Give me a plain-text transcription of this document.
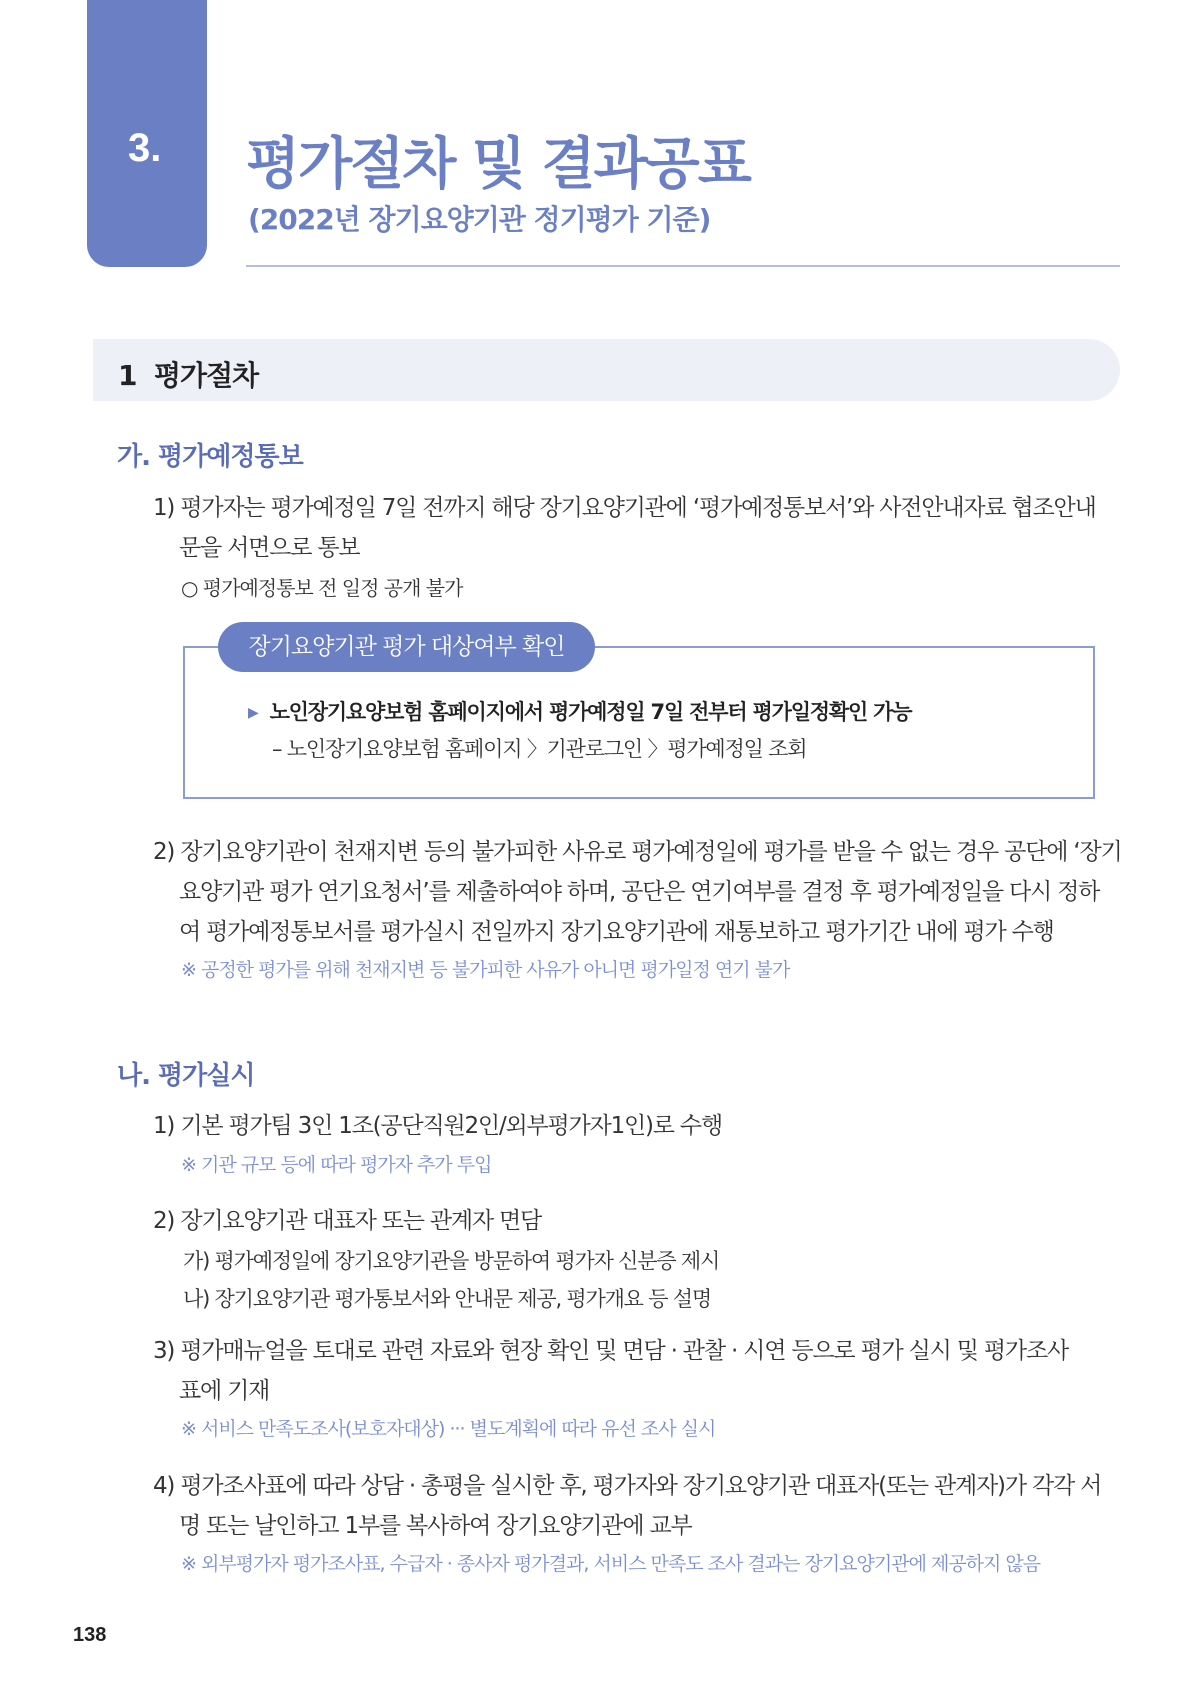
3. 평가절차 및 결과공표
(2022년 장기요양기관 정기평가 기준)
1 평가절차
가. 평가예정통보
1) 평가자는 평가예정일 7일 전까지 해당 장기요양기관에 ‘평가예정통보서’와 사전안내자료 협조안내
문을 서면으로 통보
○ 평가예정통보 전 일정 공개 불가
장기요양기관 평가 대상여부 확인
▶ 노인장기요양보험 홈페이지에서 평가예정일 7일 전부터 평가일정확인 가능
– 노인장기요양보험 홈페이지 〉기관로그인 〉평가예정일 조회
2) 장기요양기관이 천재지변 등의 불가피한 사유로 평가예정일에 평가를 받을 수 없는 경우 공단에 ‘장기
요양기관 평가 연기요청서’를 제출하여야 하며, 공단은 연기여부를 결정 후 평가예정일을 다시 정하
여 평가예정통보서를 평가실시 전일까지 장기요양기관에 재통보하고 평가기간 내에 평가 수행
※ 공정한 평가를 위해 천재지변 등 불가피한 사유가 아니면 평가일정 연기 불가
나. 평가실시
1) 기본 평가팀 3인 1조(공단직원2인/외부평가자1인)로 수행
※ 기관 규모 등에 따라 평가자 추가 투입
2) 장기요양기관 대표자 또는 관계자 면담
가) 평가예정일에 장기요양기관을 방문하여 평가자 신분증 제시
나) 장기요양기관 평가통보서와 안내문 제공, 평가개요 등 설명
3) 평가매뉴얼을 토대로 관련 자료와 현장 확인 및 면담 · 관찰 · 시연 등으로 평가 실시 및 평가조사
표에 기재
※ 서비스 만족도조사(보호자대상) ··· 별도계획에 따라 유선 조사 실시
4) 평가조사표에 따라 상담 · 총평을 실시한 후, 평가자와 장기요양기관 대표자(또는 관계자)가 각각 서
명 또는 날인하고 1부를 복사하여 장기요양기관에 교부
※ 외부평가자 평가조사표, 수급자 · 종사자 평가결과, 서비스 만족도 조사 결과는 장기요양기관에 제공하지 않음
138
